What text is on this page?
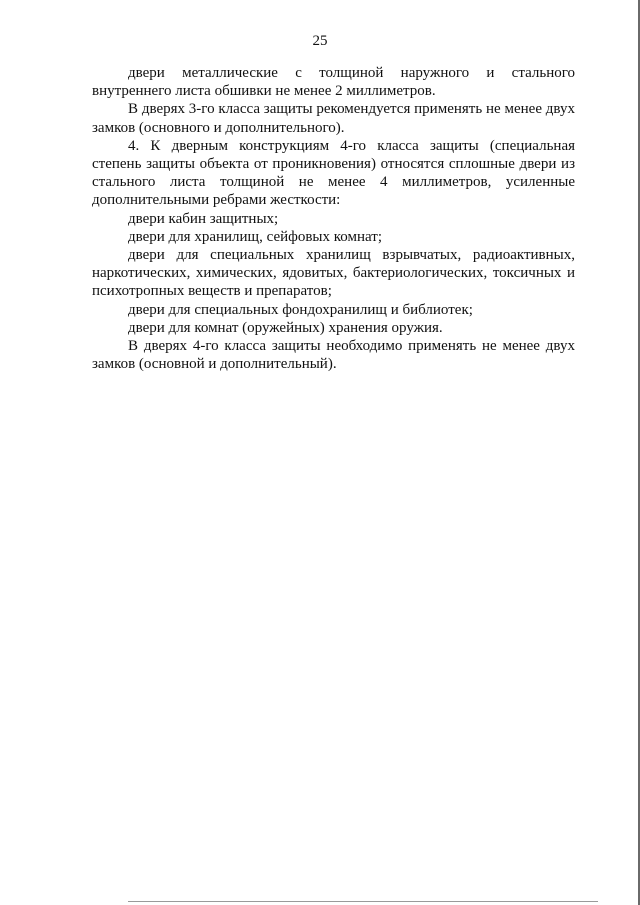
25

двери металлические с толщиной наружного и стального внутреннего листа обшивки не менее 2 миллиметров.

В дверях 3-го класса защиты рекомендуется применять не менее двух замков (основного и дополнительного).

4. К дверным конструкциям 4-го класса защиты (специальная степень защиты объекта от проникновения) относятся сплошные двери из стального листа толщиной не менее 4 миллиметров, усиленные дополнительными ребрами жесткости:

двери кабин защитных;

двери для хранилищ, сейфовых комнат;

двери для специальных хранилищ взрывчатых, радиоактивных, наркотических, химических, ядовитых, бактериологических, токсичных и психотропных веществ и препаратов;

двери для специальных фондохранилищ и библиотек;

двери для комнат (оружейных) хранения оружия.

В дверях 4-го класса защиты необходимо применять не менее двух замков (основной и дополнительный).
